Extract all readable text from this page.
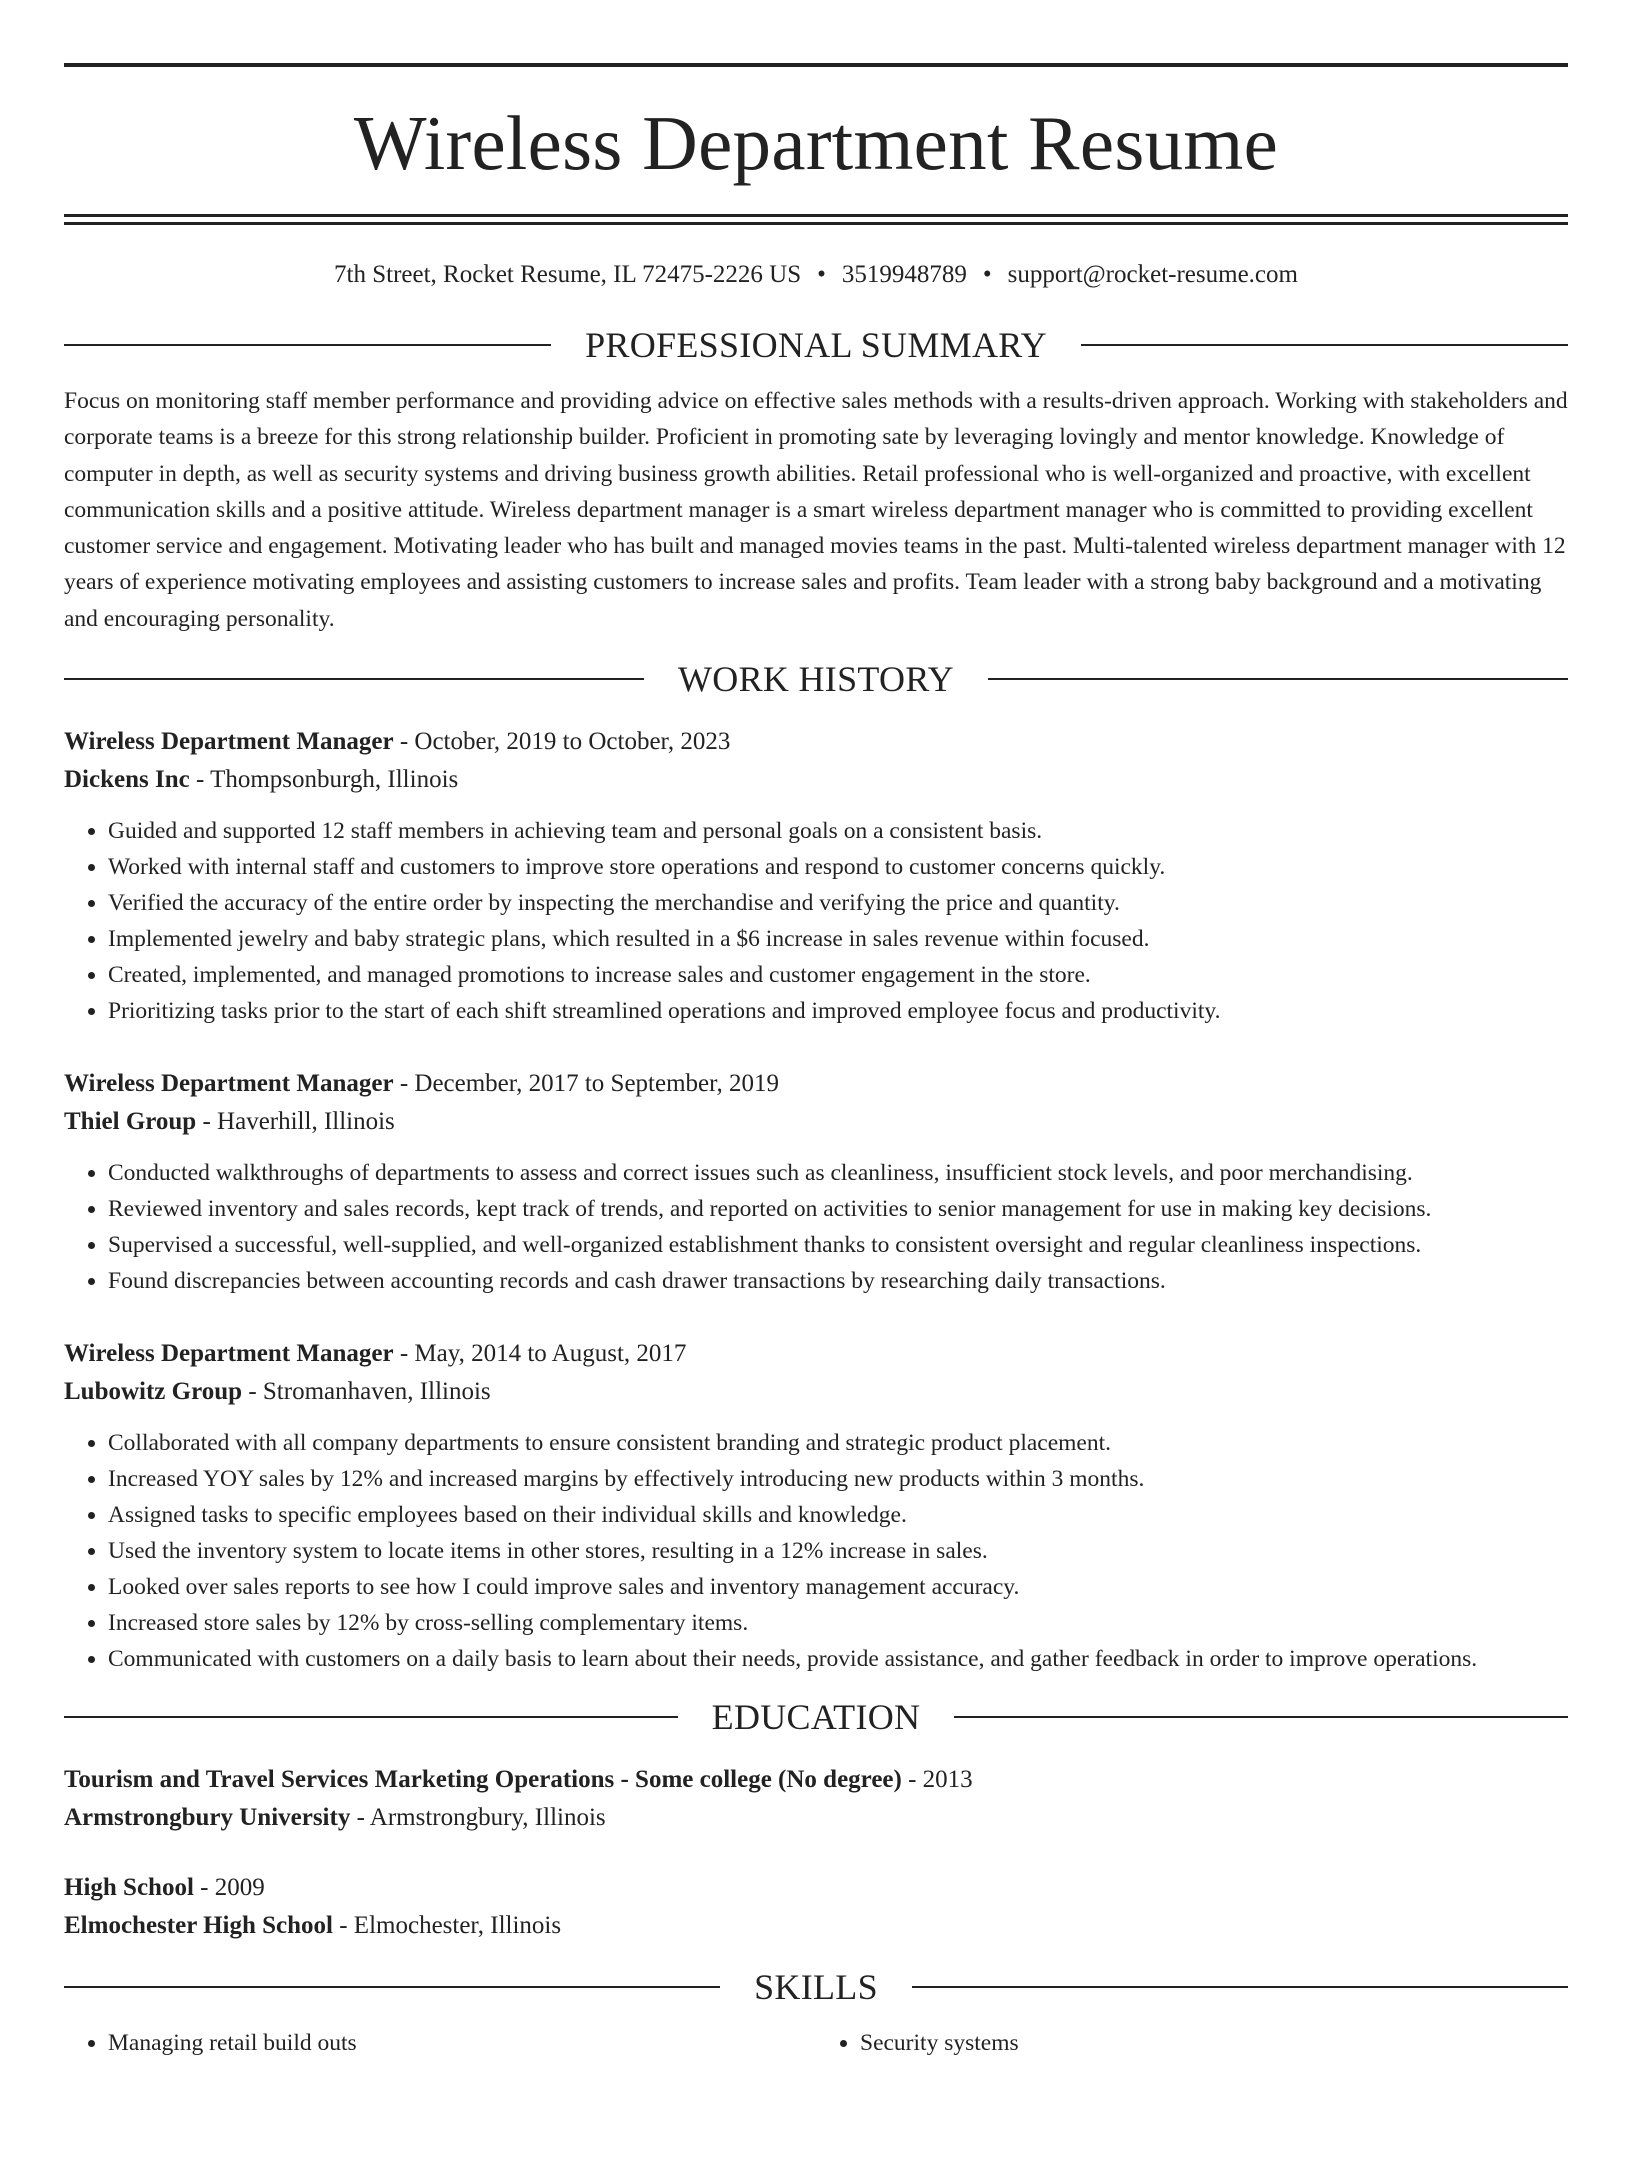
Wireless Department Resume
7th Street, Rocket Resume, IL 72475-2226 US • 3519948789 • support@rocket-resume.com
PROFESSIONAL SUMMARY

Focus on monitoring staff member performance and providing advice on effective sales methods with a results-driven approach. Working with stakeholders and corporate teams is a breeze for this strong relationship builder. Proficient in promoting sate by leveraging lovingly and mentor knowledge. Knowledge of computer in depth, as well as security systems and driving business growth abilities. Retail professional who is well-organized and proactive, with excellent communication skills and a positive attitude. Wireless department manager is a smart wireless department manager who is committed to providing excellent customer service and engagement. Motivating leader who has built and managed movies teams in the past. Multi-talented wireless department manager with 12 years of experience motivating employees and assisting customers to increase sales and profits. Team leader with a strong baby background and a motivating and encouraging personality.

WORK HISTORY
Wireless Department Manager - October, 2019 to October, 2023
Dickens Inc - Thompsonburgh, Illinois
• Guided and supported 12 staff members in achieving team and personal goals on a consistent basis.
• Worked with internal staff and customers to improve store operations and respond to customer concerns quickly.
• Verified the accuracy of the entire order by inspecting the merchandise and verifying the price and quantity.
• Implemented jewelry and baby strategic plans, which resulted in a $6 increase in sales revenue within focused.
• Created, implemented, and managed promotions to increase sales and customer engagement in the store.
• Prioritizing tasks prior to the start of each shift streamlined operations and improved employee focus and productivity.
Wireless Department Manager - December, 2017 to September, 2019
Thiel Group - Haverhill, Illinois
• Conducted walkthroughs of departments to assess and correct issues such as cleanliness, insufficient stock levels, and poor merchandising.
• Reviewed inventory and sales records, kept track of trends, and reported on activities to senior management for use in making key decisions.
• Supervised a successful, well-supplied, and well-organized establishment thanks to consistent oversight and regular cleanliness inspections.
• Found discrepancies between accounting records and cash drawer transactions by researching daily transactions.
Wireless Department Manager - May, 2014 to August, 2017
Lubowitz Group - Stromanhaven, Illinois
• Collaborated with all company departments to ensure consistent branding and strategic product placement.
• Increased YOY sales by 12% and increased margins by effectively introducing new products within 3 months.
• Assigned tasks to specific employees based on their individual skills and knowledge.
• Used the inventory system to locate items in other stores, resulting in a 12% increase in sales.
• Looked over sales reports to see how I could improve sales and inventory management accuracy.
• Increased store sales by 12% by cross-selling complementary items.
• Communicated with customers on a daily basis to learn about their needs, provide assistance, and gather feedback in order to improve operations.
EDUCATION
Tourism and Travel Services Marketing Operations - Some college (No degree) - 2013
Armstrongbury University - Armstrongbury, Illinois
High School - 2009
Elmochester High School - Elmochester, Illinois
SKILLS
• Managing retail build outs
•	Security systems
